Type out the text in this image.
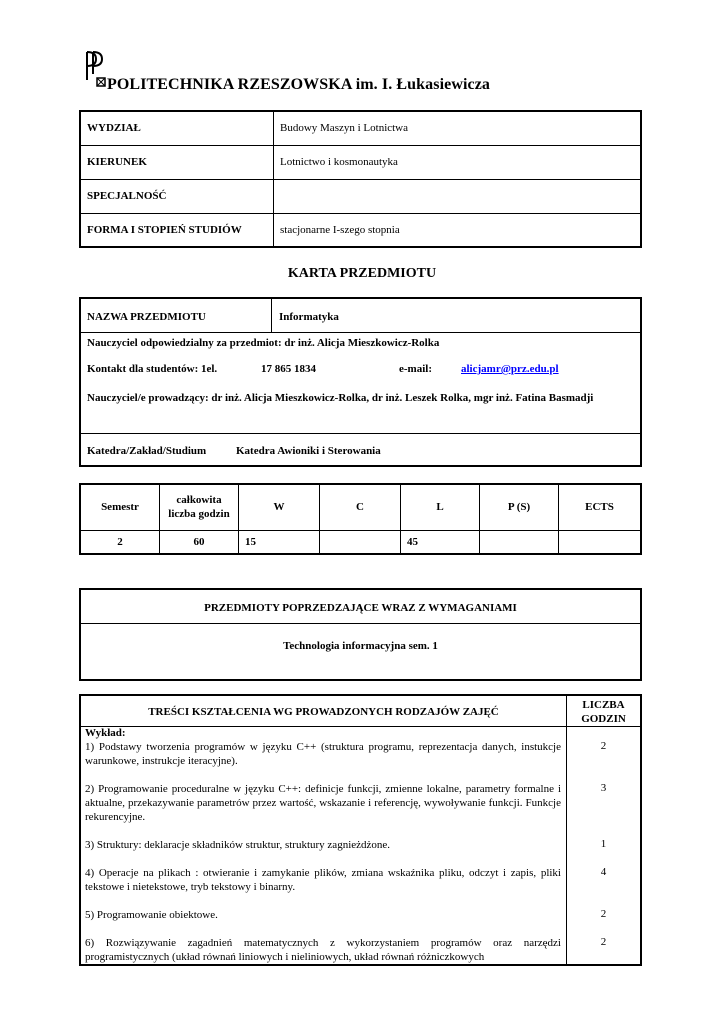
POLITECHNIKA RZESZOWSKA im. I. Łukasiewicza
WYDZIAŁ	Budowy Maszyn i Lotnictwa
KIERUNEK	Lotnictwo i kosmonautyka
SPECJALNOŚĆ	
FORMA I STOPIEŃ STUDIÓW	stacjonarne I-szego stopnia
KARTA PRZEDMIOTU
NAZWA PRZEDMIOTU	Informatyka
Nauczyciel odpowiedzialny za przedmiot: dr inż. Alicja Mieszkowicz-Rolka
Kontakt dla studentów: 1el.	17 865 1834	e-mail:	alicjamr@prz.edu.pl
Nauczyciel/e prowadzący: dr inż. Alicja Mieszkowicz-Rolka, dr inż. Leszek Rolka, mgr inż. Fatina Basmadji
Katedra/Zakład/Studium	Katedra Awioniki i Sterowania
Semestr	całkowita liczba godzin	W	C	L	P (S)	ECTS
2	60	15		45		
PRZEDMIOTY POPRZEDZAJĄCE WRAZ Z WYMAGANIAMI
Technologia informacyjna sem. 1
TREŚCI KSZTAŁCENIA WG PROWADZONYCH RODZAJÓW ZAJĘĆ
LICZBA GODZIN
Wykład:
1) Podstawy tworzenia programów w języku C++ (struktura programu, reprezentacja danych, instukcje warunkowe, instrukcje iteracyjne).
2
2) Programowanie proceduralne w języku C++: definicje funkcji, zmienne lokalne, parametry formalne i aktualne, przekazywanie parametrów przez wartość, wskazanie i referencję, wywoływanie funkcji. Funkcje rekurencyjne.
3
3) Struktury: deklaracje składników struktur, struktury zagnieżdżone.	1
4) Operacje na plikach : otwieranie i zamykanie plików, zmiana wskaźnika pliku, odczyt i zapis, pliki tekstowe i nietekstowe, tryb tekstowy i binarny.
4
5) Programowanie obiektowe.	2
6) Rozwiązywanie zagadnień matematycznych z wykorzystaniem programów oraz narzędzi programistycznych (układ równań liniowych i nieliniowych, układ równań różniczkowych
2
